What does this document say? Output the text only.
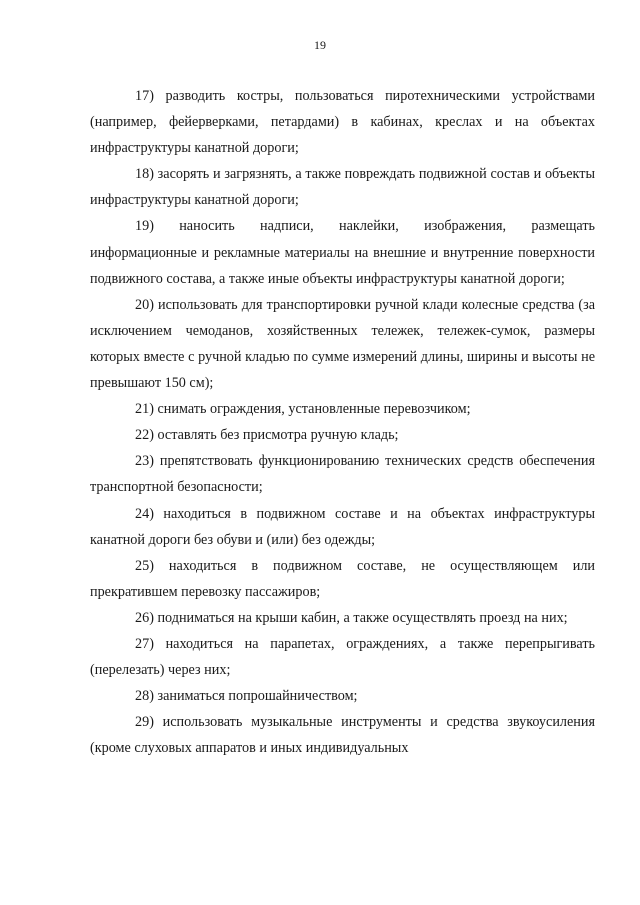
19

17) разводить костры, пользоваться пиротехническими устройствами (например, фейерверками, петардами) в кабинах, креслах и на объектах инфраструктуры канатной дороги;

18) засорять и загрязнять, а также повреждать подвижной состав и объекты инфраструктуры канатной дороги;

19) наносить надписи, наклейки, изображения, размещать информационные и рекламные материалы на внешние и внутренние поверхности подвижного состава, а также иные объекты инфраструктуры канатной дороги;

20) использовать для транспортировки ручной клади колесные средства (за исключением чемоданов, хозяйственных тележек, тележек-сумок, размеры которых вместе с ручной кладью по сумме измерений длины, ширины и высоты не превышают 150 см);

21) снимать ограждения, установленные перевозчиком;

22) оставлять без присмотра ручную кладь;

23) препятствовать функционированию технических средств обеспечения транспортной безопасности;

24) находиться в подвижном составе и на объектах инфраструктуры канатной дороги без обуви и (или) без одежды;

25) находиться в подвижном составе, не осуществляющем или прекратившем перевозку пассажиров;

26) подниматься на крыши кабин, а также осуществлять проезд на них;

27) находиться на парапетах, ограждениях, а также перепрыгивать (перелезать) через них;

28) заниматься попрошайничеством;

29) использовать музыкальные инструменты и средства звукоусиления (кроме слуховых аппаратов и иных индивидуальных
